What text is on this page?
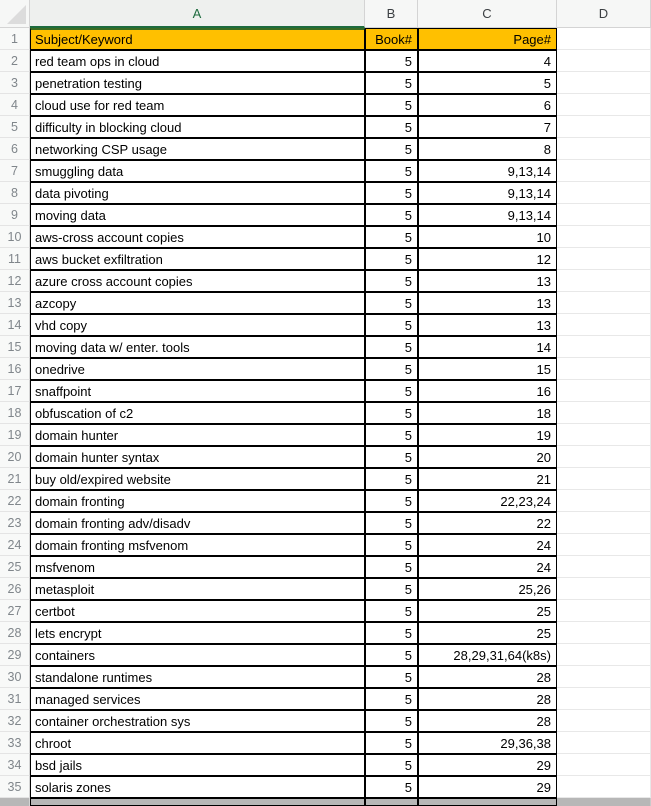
A	B	C	D
1	Subject/Keyword	Book#	Page#
2	red team ops in cloud	5	4
3	penetration testing	5	5
4	cloud use for red team	5	6
5	difficulty in blocking cloud	5	7
6	networking CSP usage	5	8
7	smuggling data	5	9,13,14
8	data pivoting	5	9,13,14
9	moving data	5	9,13,14
10	aws-cross account copies	5	10
11	aws bucket exfiltration	5	12
12	azure cross account copies	5	13
13	azcopy	5	13
14	vhd copy	5	13
15	moving data w/ enter. tools	5	14
16	onedrive	5	15
17	snaffpoint	5	16
18	obfuscation of c2	5	18
19	domain hunter	5	19
20	domain hunter syntax	5	20
21	buy old/expired website	5	21
22	domain fronting	5	22,23,24
23	domain fronting adv/disadv	5	22
24	domain fronting msfvenom	5	24
25	msfvenom	5	24
26	metasploit	5	25,26
27	certbot	5	25
28	lets encrypt	5	25
29	containers	5	28,29,31,64(k8s)
30	standalone runtimes	5	28
31	managed services	5	28
32	container orchestration sys	5	28
33	chroot	5	29,36,38
34	bsd jails	5	29
35	solaris zones	5	29
